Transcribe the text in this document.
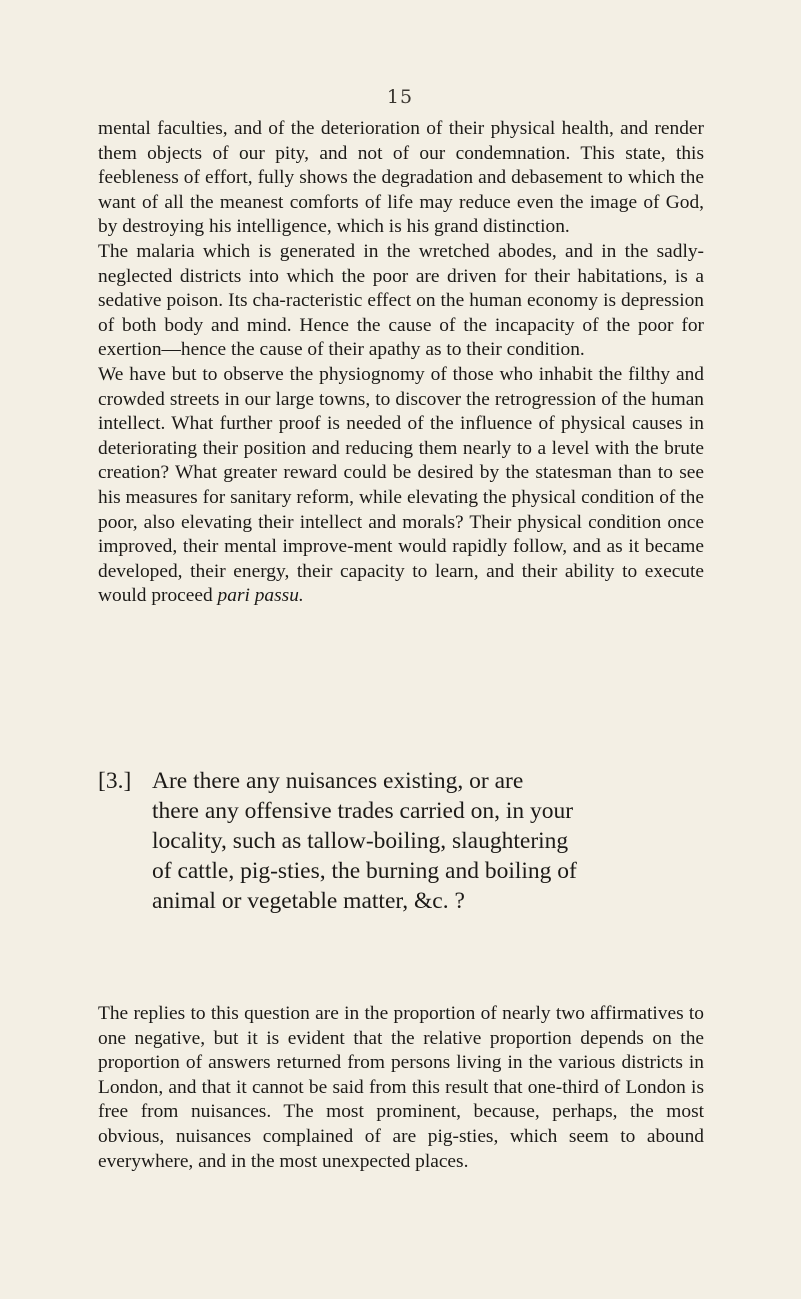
15

mental faculties, and of the deterioration of their physical health, and render them objects of our pity, and not of our condemnation. This state, this feebleness of effort, fully shows the degradation and debasement to which the want of all the meanest comforts of life may reduce even the image of God, by destroying his intelligence, which is his grand distinction.

The malaria which is generated in the wretched abodes, and in the sadly-neglected districts into which the poor are driven for their habitations, is a sedative poison. Its cha-racteristic effect on the human economy is depression of both body and mind. Hence the cause of the incapacity of the poor for exertion—hence the cause of their apathy as to their condition.

We have but to observe the physiognomy of those who inhabit the filthy and crowded streets in our large towns, to discover the retrogression of the human intellect. What further proof is needed of the influence of physical causes in deteriorating their position and reducing them nearly to a level with the brute creation? What greater reward could be desired by the statesman than to see his measures for sanitary reform, while elevating the physical condition of the poor, also elevating their intellect and morals? Their physical condition once improved, their mental improve-ment would rapidly follow, and as it became developed, their energy, their capacity to learn, and their ability to execute would proceed pari passu.

[3.] Are there any nuisances existing, or are
there any offensive trades carried on, in your
locality, such as tallow-boiling, slaughtering
of cattle, pig-sties, the burning and boiling of
animal or vegetable matter, &c. ?

The replies to this question are in the proportion of nearly two affirmatives to one negative, but it is evident that the relative proportion depends on the proportion of answers returned from persons living in the various districts in London, and that it cannot be said from this result that one-third of London is free from nuisances. The most prominent, because, perhaps, the most obvious, nuisances complained of are pig-sties, which seem to abound everywhere, and in the most unexpected places.
